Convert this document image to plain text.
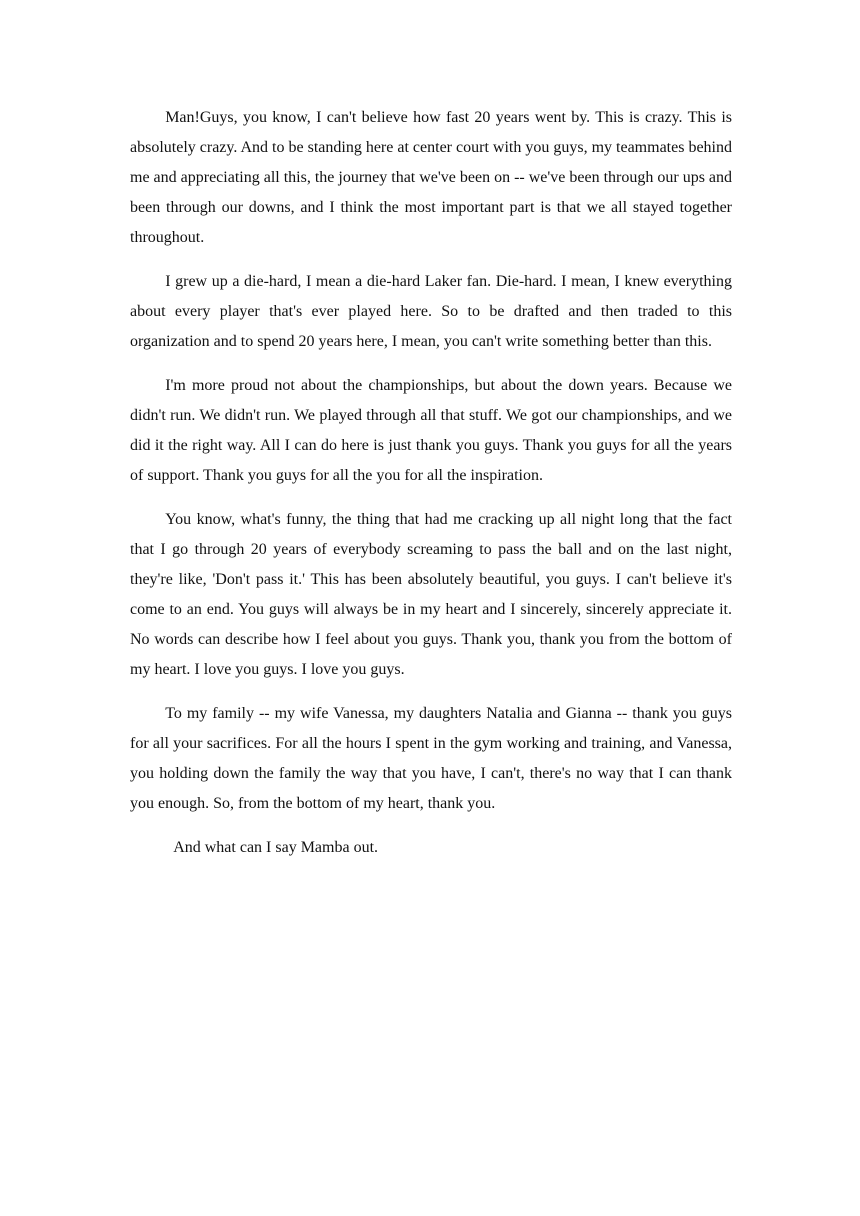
Man!Guys, you know, I can't believe how fast 20 years went by. This is crazy. This is absolutely crazy. And to be standing here at center court with you guys, my teammates behind me and appreciating all this, the journey that we've been on -- we've been through our ups and been through our downs, and I think the most important part is that we all stayed together throughout.

I grew up a die-hard, I mean a die-hard Laker fan. Die-hard. I mean, I knew everything about every player that's ever played here. So to be drafted and then traded to this organization and to spend 20 years here, I mean, you can't write something better than this.

I'm more proud not about the championships, but about the down years. Because we didn't run. We didn't run. We played through all that stuff. We got our championships, and we did it the right way. All I can do here is just thank you guys. Thank you guys for all the years of support. Thank you guys for all the you for all the inspiration.

You know, what's funny, the thing that had me cracking up all night long that the fact that I go through 20 years of everybody screaming to pass the ball and on the last night, they're like, 'Don't pass it.' This has been absolutely beautiful, you guys. I can't believe it's come to an end. You guys will always be in my heart and I sincerely, sincerely appreciate it. No words can describe how I feel about you guys. Thank you, thank you from the bottom of my heart. I love you guys. I love you guys.

To my family -- my wife Vanessa, my daughters Natalia and Gianna -- thank you guys for all your sacrifices. For all the hours I spent in the gym working and training, and Vanessa, you holding down the family the way that you have, I can't, there's no way that I can thank you enough. So, from the bottom of my heart, thank you.

And what can I say Mamba out.
